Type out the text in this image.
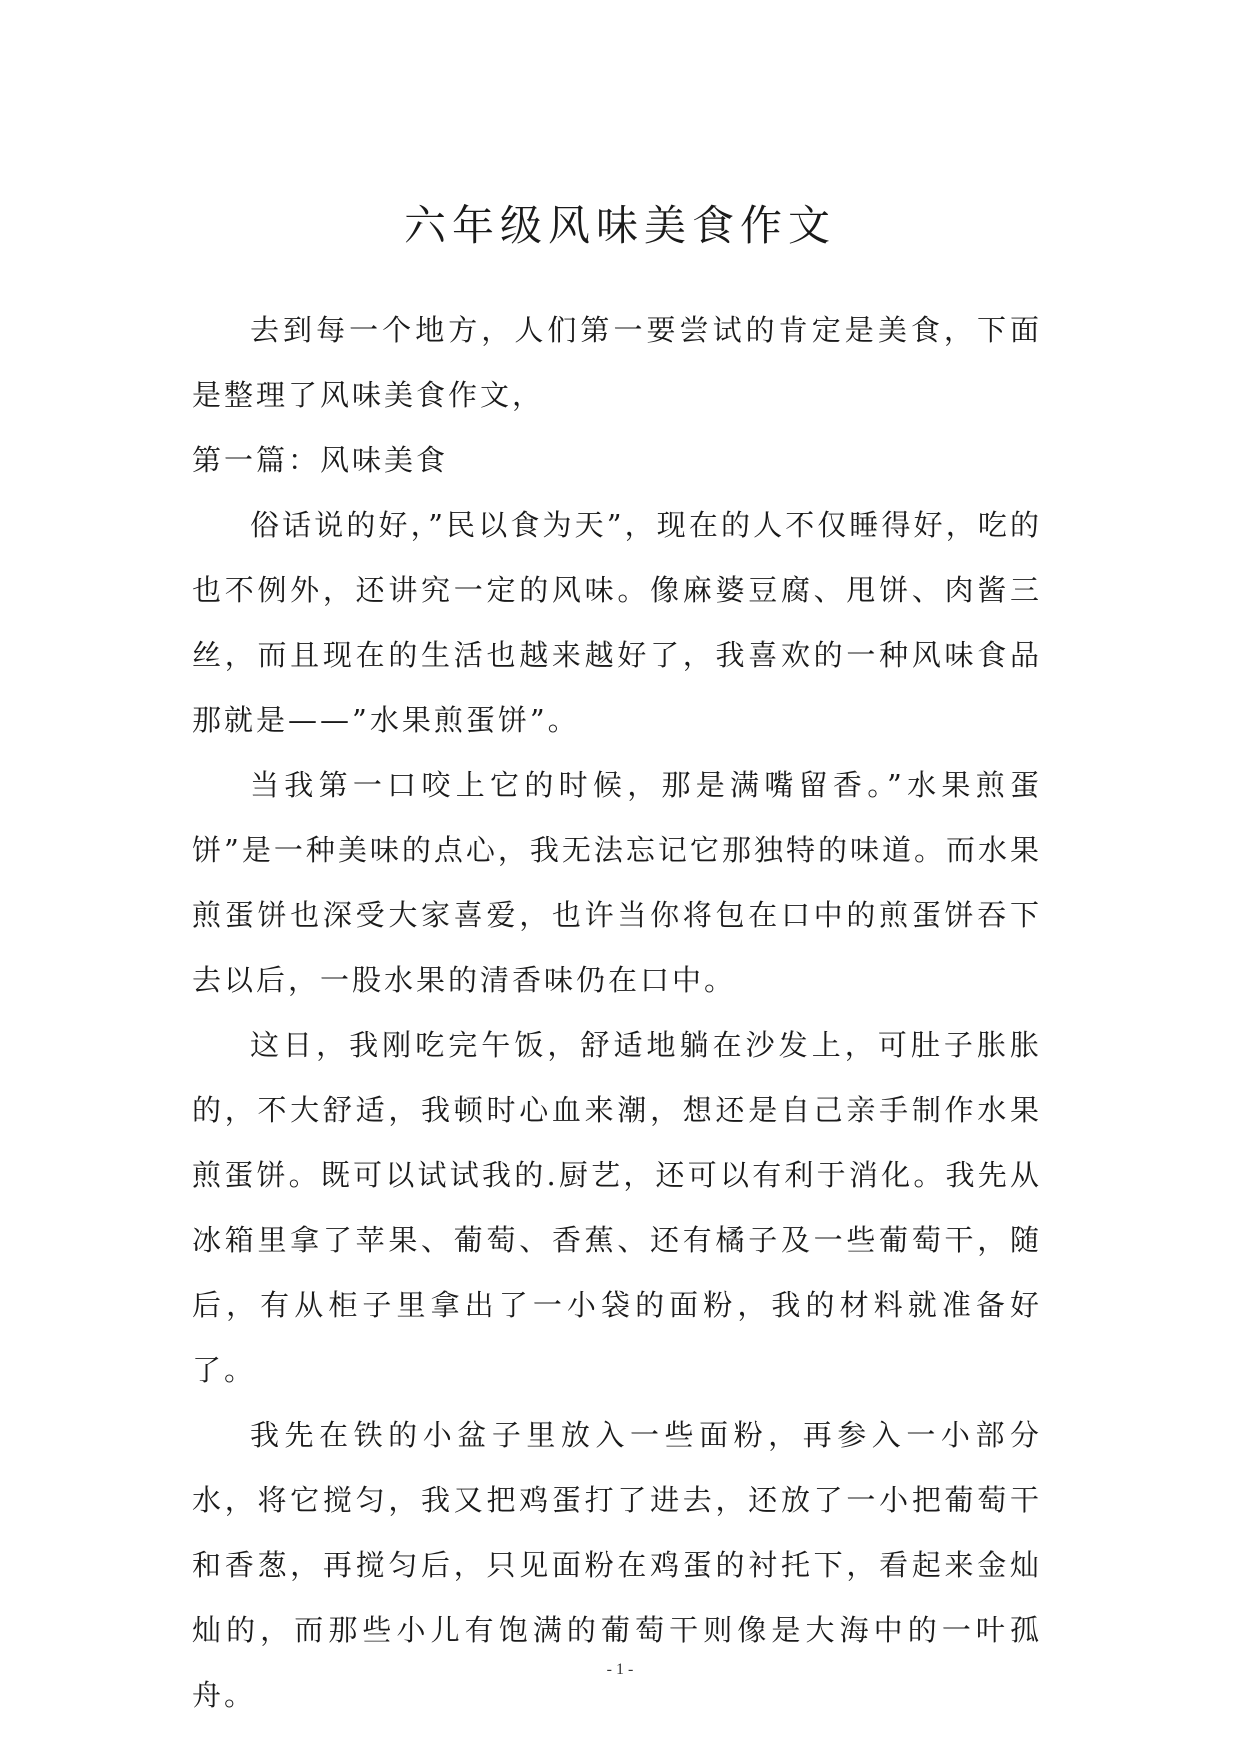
六年级风味美食作文

去到每一个地方，人们第一要尝试的肯定是美食，下面是整理了风味美食作文，

第一篇：风味美食

俗话说的好，”民以食为天”，现在的人不仅睡得好，吃的也不例外，还讲究一定的风味。像麻婆豆腐、甩饼、肉酱三丝，而且现在的生活也越来越好了，我喜欢的一种风味食品那就是——”水果煎蛋饼”。

当我第一口咬上它的时候，那是满嘴留香。”水果煎蛋饼”是一种美味的点心，我无法忘记它那独特的味道。而水果煎蛋饼也深受大家喜爱，也许当你将包在口中的煎蛋饼吞下去以后，一股水果的清香味仍在口中。

这日，我刚吃完午饭，舒适地躺在沙发上，可肚子胀胀的，不大舒适，我顿时心血来潮，想还是自己亲手制作水果煎蛋饼。既可以试试我的.厨艺，还可以有利于消化。我先从冰箱里拿了苹果、葡萄、香蕉、还有橘子及一些葡萄干，随后，有从柜子里拿出了一小袋的面粉，我的材料就准备好了。

我先在铁的小盆子里放入一些面粉，再参入一小部分水，将它搅匀，我又把鸡蛋打了进去，还放了一小把葡萄干和香葱，再搅匀后，只见面粉在鸡蛋的衬托下，看起来金灿灿的，而那些小儿有饱满的葡萄干则像是大海中的一叶孤舟。

- 1 -
